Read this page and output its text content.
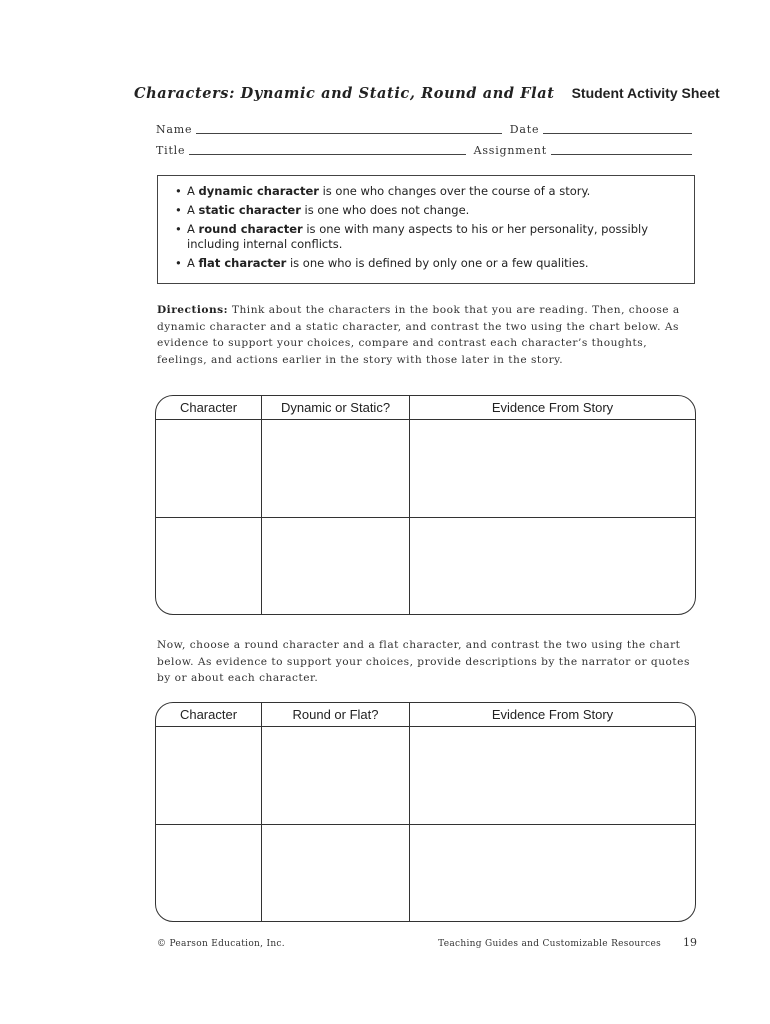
Characters: Dynamic and Static, Round and Flat Student Activity Sheet
Name	Date
Title	Assignment
• A dynamic character is one who changes over the course of a story.
• A static character is one who does not change.
• A round character is one with many aspects to his or her personality, possibly including internal conflicts.
• A flat character is one who is defined by only one or a few qualities.
Directions: Think about the characters in the book that you are reading. Then, choose a dynamic character and a static character, and contrast the two using the chart below. As evidence to support your choices, compare and contrast each character’s thoughts, feelings, and actions earlier in the story with those later in the story.
Character	Dynamic or Static?	Evidence From Story
Now, choose a round character and a flat character, and contrast the two using the chart below. As evidence to support your choices, provide descriptions by the narrator or quotes by or about each character.
Character	Round or Flat?	Evidence From Story
© Pearson Education, Inc.	Teaching Guides and Customizable Resources 19
